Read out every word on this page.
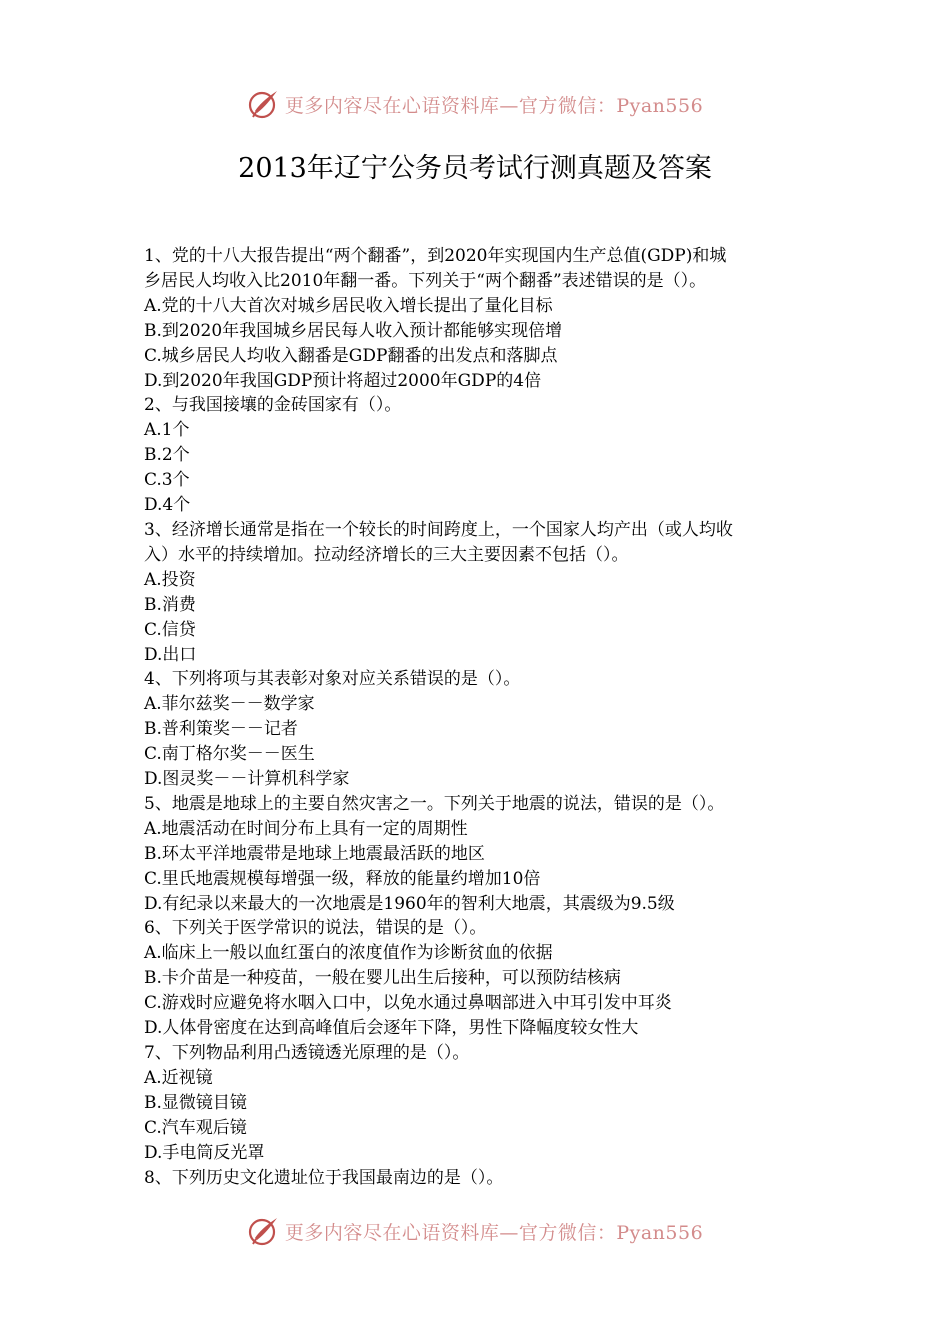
更多内容尽在心语资料库—官方微信：Pyan556
2013年辽宁公务员考试行测真题及答案

1、党的十八大报告提出“两个翻番”，到2020年实现国内生产总值(GDP)和城

乡居民人均收入比2010年翻一番。下列关于“两个翻番”表述错误的是（）。

A.党的十八大首次对城乡居民收入增长提出了量化目标

B.到2020年我国城乡居民每人收入预计都能够实现倍增

C.城乡居民人均收入翻番是GDP翻番的出发点和落脚点

D.到2020年我国GDP预计将超过2000年GDP的4倍

2、与我国接壤的金砖国家有（）。

A.1个

B.2个

C.3个

D.4个

3、经济增长通常是指在一个较长的时间跨度上，一个国家人均产出（或人均收

入）水平的持续增加。拉动经济增长的三大主要因素不包括（）。

A.投资

B.消费

C.信贷

D.出口

4、下列将项与其表彰对象对应关系错误的是（）。

A.菲尔兹奖－－数学家

B.普利策奖－－记者

C.南丁格尔奖－－医生

D.图灵奖－－计算机科学家

5、地震是地球上的主要自然灾害之一。下列关于地震的说法，错误的是（）。

A.地震活动在时间分布上具有一定的周期性

B.环太平洋地震带是地球上地震最活跃的地区

C.里氏地震规模每增强一级，释放的能量约增加10倍

D.有纪录以来最大的一次地震是1960年的智利大地震，其震级为9.5级

6、下列关于医学常识的说法，错误的是（）。

A.临床上一般以血红蛋白的浓度值作为诊断贫血的依据

B.卡介苗是一种疫苗，一般在婴儿出生后接种，可以预防结核病

C.游戏时应避免将水咽入口中，以免水通过鼻咽部进入中耳引发中耳炎

D.人体骨密度在达到高峰值后会逐年下降，男性下降幅度较女性大

7、下列物品利用凸透镜透光原理的是（）。

A.近视镜

B.显微镜目镜

C.汽车观后镜

D.手电筒反光罩

8、下列历史文化遗址位于我国最南边的是（）。

更多内容尽在心语资料库—官方微信：Pyan556
